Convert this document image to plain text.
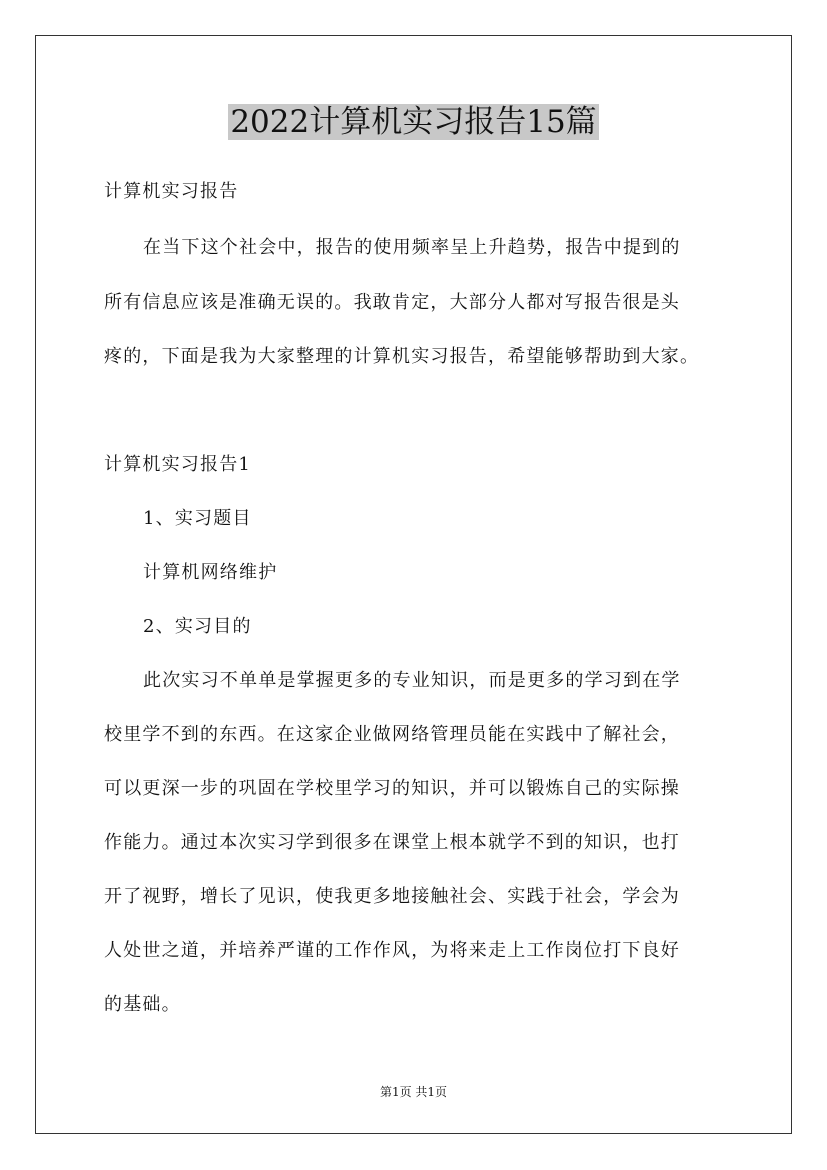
2022计算机实习报告15篇
计算机实习报告
在当下这个社会中，报告的使用频率呈上升趋势，报告中提到的
所有信息应该是准确无误的。我敢肯定，大部分人都对写报告很是头
疼的，下面是我为大家整理的计算机实习报告，希望能够帮助到大家。
计算机实习报告1
1、实习题目
计算机网络维护
2、实习目的
此次实习不单单是掌握更多的专业知识，而是更多的学习到在学
校里学不到的东西。在这家企业做网络管理员能在实践中了解社会，
可以更深一步的巩固在学校里学习的知识，并可以锻炼自己的实际操
作能力。通过本次实习学到很多在课堂上根本就学不到的知识，也打
开了视野，增长了见识，使我更多地接触社会、实践于社会，学会为
人处世之道，并培养严谨的工作作风，为将来走上工作岗位打下良好
的基础。
第1页 共1页
